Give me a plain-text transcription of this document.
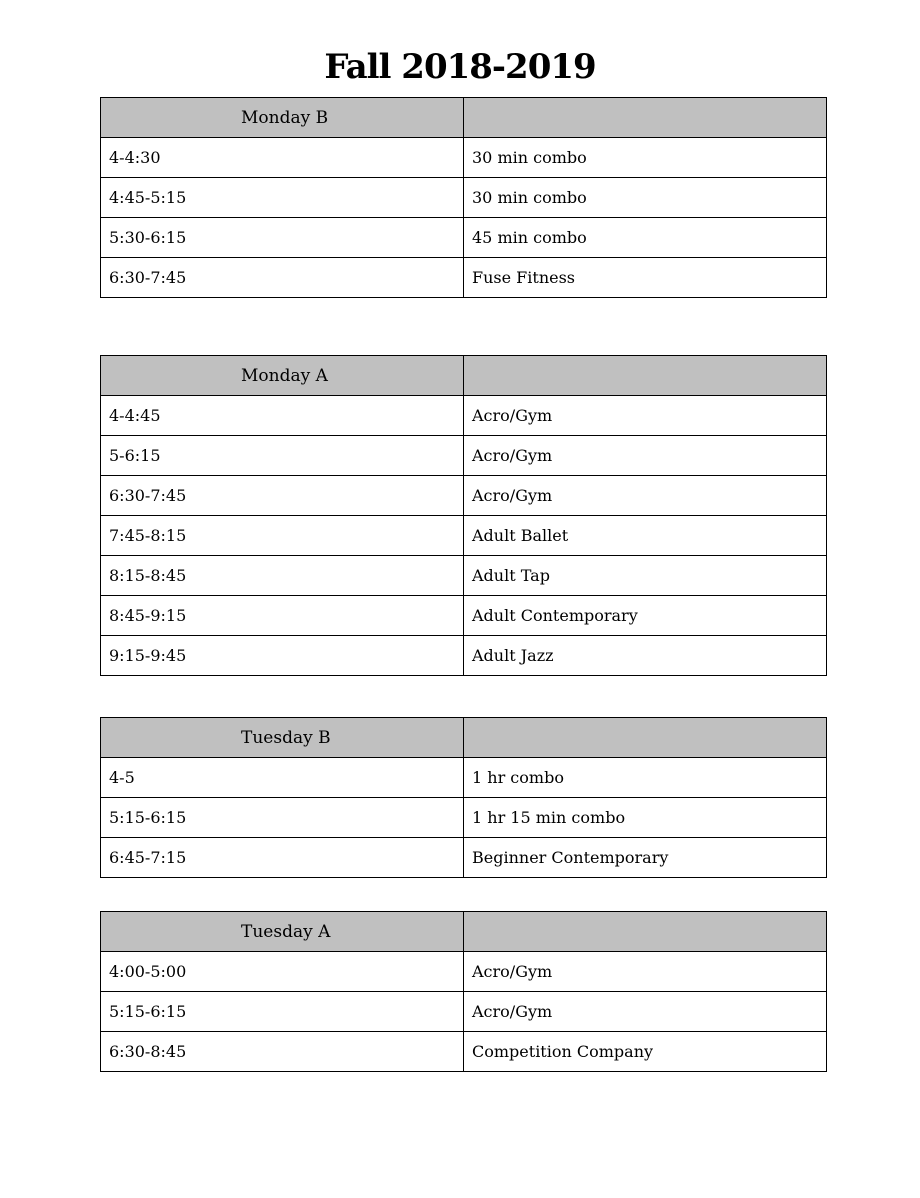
Fall 2018-2019
Monday B	
4-4:30	30 min combo
4:45-5:15	30 min combo
5:30-6:15	45 min combo
6:30-7:45	Fuse Fitness
Monday A	
4-4:45	Acro/Gym
5-6:15	Acro/Gym
6:30-7:45	Acro/Gym
7:45-8:15	Adult Ballet
8:15-8:45	Adult Tap
8:45-9:15	Adult Contemporary
9:15-9:45	Adult Jazz
Tuesday B	
4-5	1 hr combo
5:15-6:15	1 hr 15 min combo
6:45-7:15	Beginner Contemporary
Tuesday A	
4:00-5:00	Acro/Gym
5:15-6:15	Acro/Gym
6:30-8:45	Competition Company
